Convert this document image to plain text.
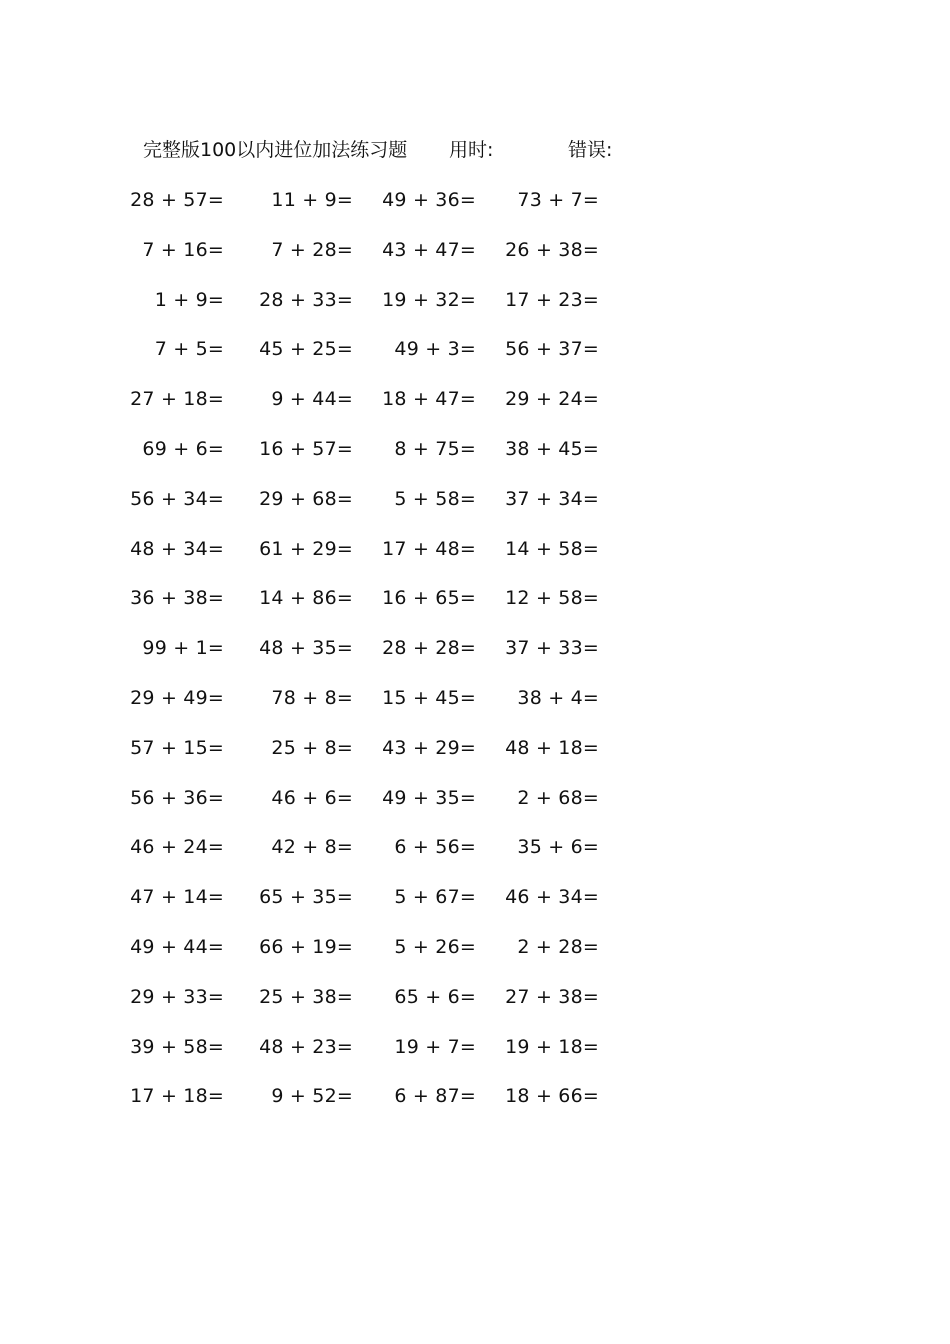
完整版100以内进位加法练习题 用时:	错误:
28 + 57= 11 + 9= 49 + 36= 73 + 7=
7 + 16= 7 + 28= 43 + 47= 26 + 38=
1 + 9= 28 + 33= 19 + 32= 17 + 23=
7 + 5= 45 + 25= 49 + 3= 56 + 37=
27 + 18= 9 + 44= 18 + 47= 29 + 24=
69 + 6= 16 + 57= 8 + 75= 38 + 45=
56 + 34= 29 + 68= 5 + 58= 37 + 34=
48 + 34= 61 + 29= 17 + 48= 14 + 58=
36 + 38= 14 + 86= 16 + 65= 12 + 58=
99 + 1= 48 + 35= 28 + 28= 37 + 33=
29 + 49= 78 + 8= 15 + 45= 38 + 4=
57 + 15= 25 + 8= 43 + 29= 48 + 18=
56 + 36= 46 + 6= 49 + 35= 2 + 68=
46 + 24= 42 + 8= 6 + 56= 35 + 6=
47 + 14= 65 + 35= 5 + 67= 46 + 34=
49 + 44= 66 + 19= 5 + 26= 2 + 28=
29 + 33= 25 + 38= 65 + 6= 27 + 38=
39 + 58= 48 + 23= 19 + 7= 19 + 18=
17 + 18= 9 + 52= 6 + 87= 18 + 66=
